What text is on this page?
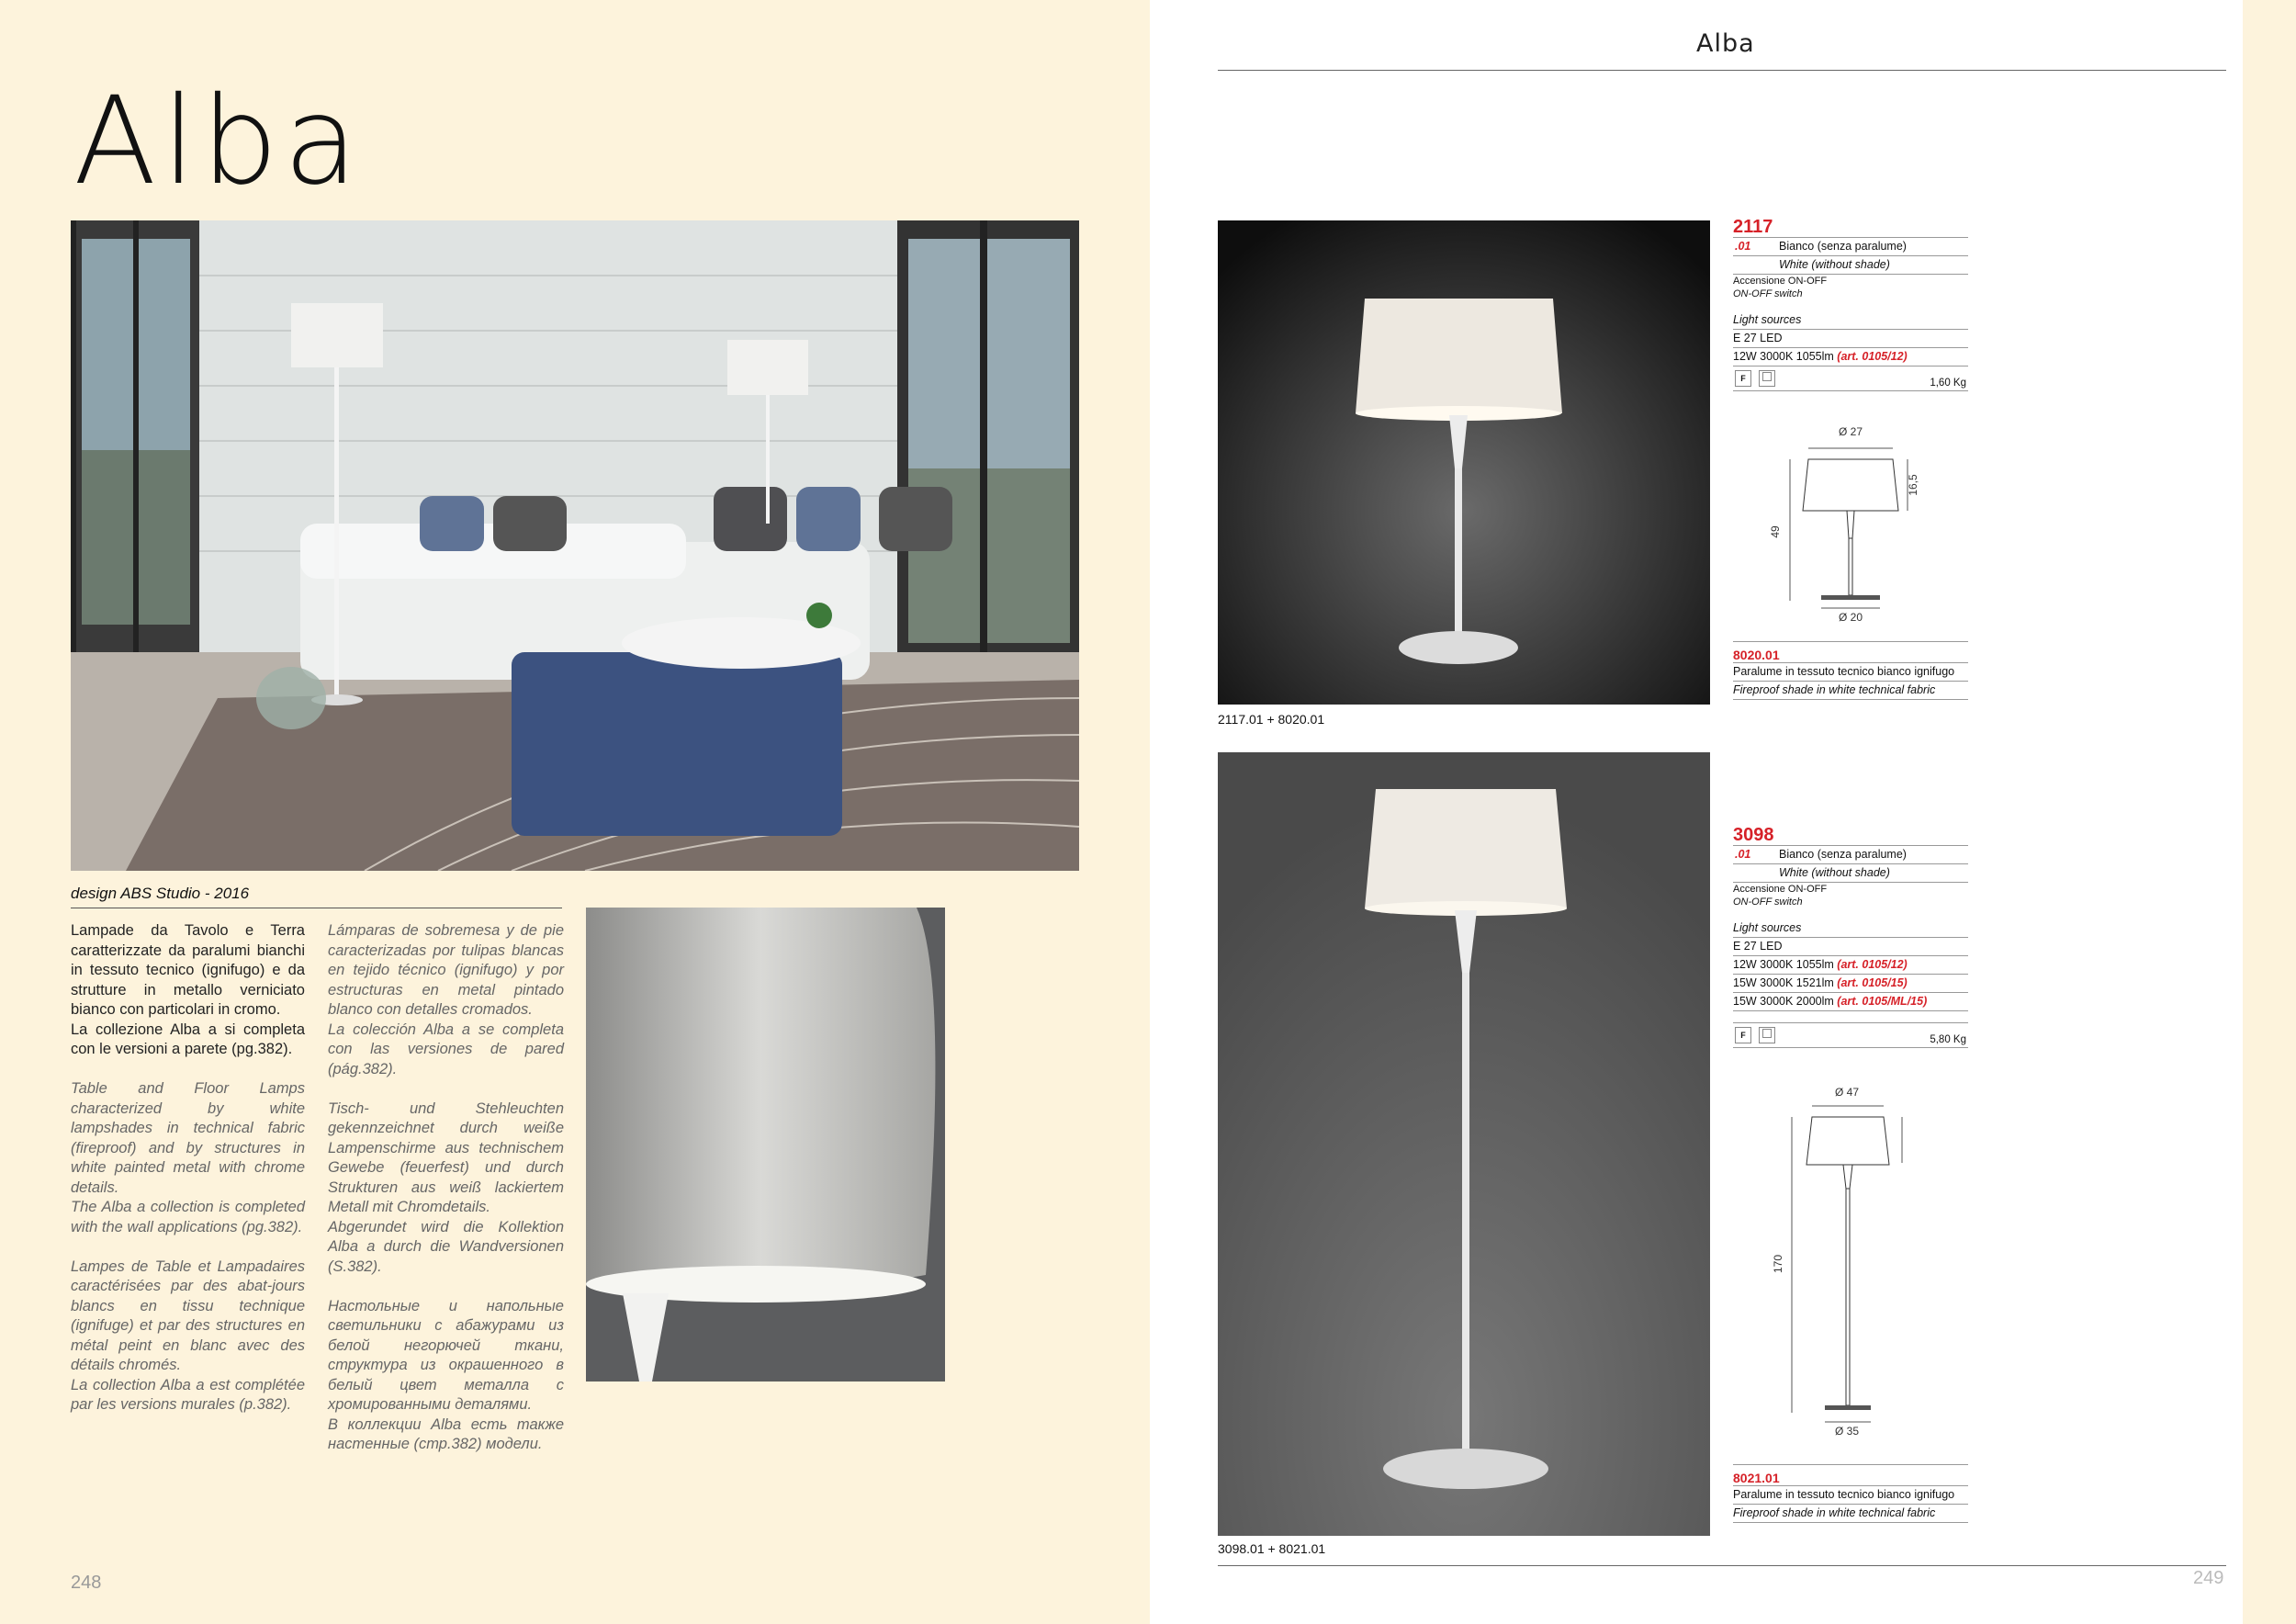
Alba
design ABS Studio - 2016

Lampade da Tavolo e Terra caratterizzate da paralumi bianchi in tessuto tecnico (ignifugo) e da strutture in metallo verniciato bianco con particolari in cromo.
La collezione Alba a si completa con le versioni a parete (pg.382).

Table and Floor Lamps characterized by white lampshades in technical fabric (fireproof) and by structures in white painted metal with chrome details.
The Alba a collection is completed with the wall applications (pg.382).

Lampes de Table et Lampadaires caractérisées par des abat-jours blancs en tissu technique (ignifuge) et par des structures en métal peint en blanc avec des détails chromés.
La collection Alba a est complétée par les versions murales (p.382).

Lámparas de sobremesa y de pie caracterizadas por tulipas blancas en tejido técnico (ignifugo) y por estructuras en metal pintado blanco con detalles cromados.
La colección Alba a se completa con las versiones de pared (pág.382).

Tisch- und Stehleuchten gekennzeichnet durch weiße Lampenschirme aus technischem Gewebe (feuerfest) und durch Strukturen aus weiß lackiertem Metall mit Chromdetails.
Abgerundet wird die Kollektion Alba a durch die Wandversionen (S.382).

Настольные и напольные светильники с абажурами из белой негорючей ткани, структура из окрашенного в белый цвет металла с хромированными деталями.
В коллекции Alba есть также настенные (стр.382) модели.

248
Alba
2117.01 + 8020.01
2117
.01 Bianco (senza paralume)
White (without shade)
Accensione ON-OFF
ON-OFF switch
Light sources
E 27 LED
12W 3000K 1055lm (art. 0105/12)
F	1,60 Kg
Ø 27
16,5
49
Ø 20
8020.01
Paralume in tessuto tecnico bianco ignifugo
Fireproof shade in white technical fabric
3098.01 + 8021.01
3098
.01 Bianco (senza paralume)
White (without shade)
Accensione ON-OFF
ON-OFF switch
Light sources
E 27 LED
12W 3000K 1055lm (art. 0105/12)
15W 3000K 1521lm (art. 0105/15)
15W 3000K 2000lm (art. 0105/ML/15)
F	5,80 Kg
Ø 47
170
Ø 35
8021.01
Paralume in tessuto tecnico bianco ignifugo
Fireproof shade in white technical fabric
249
